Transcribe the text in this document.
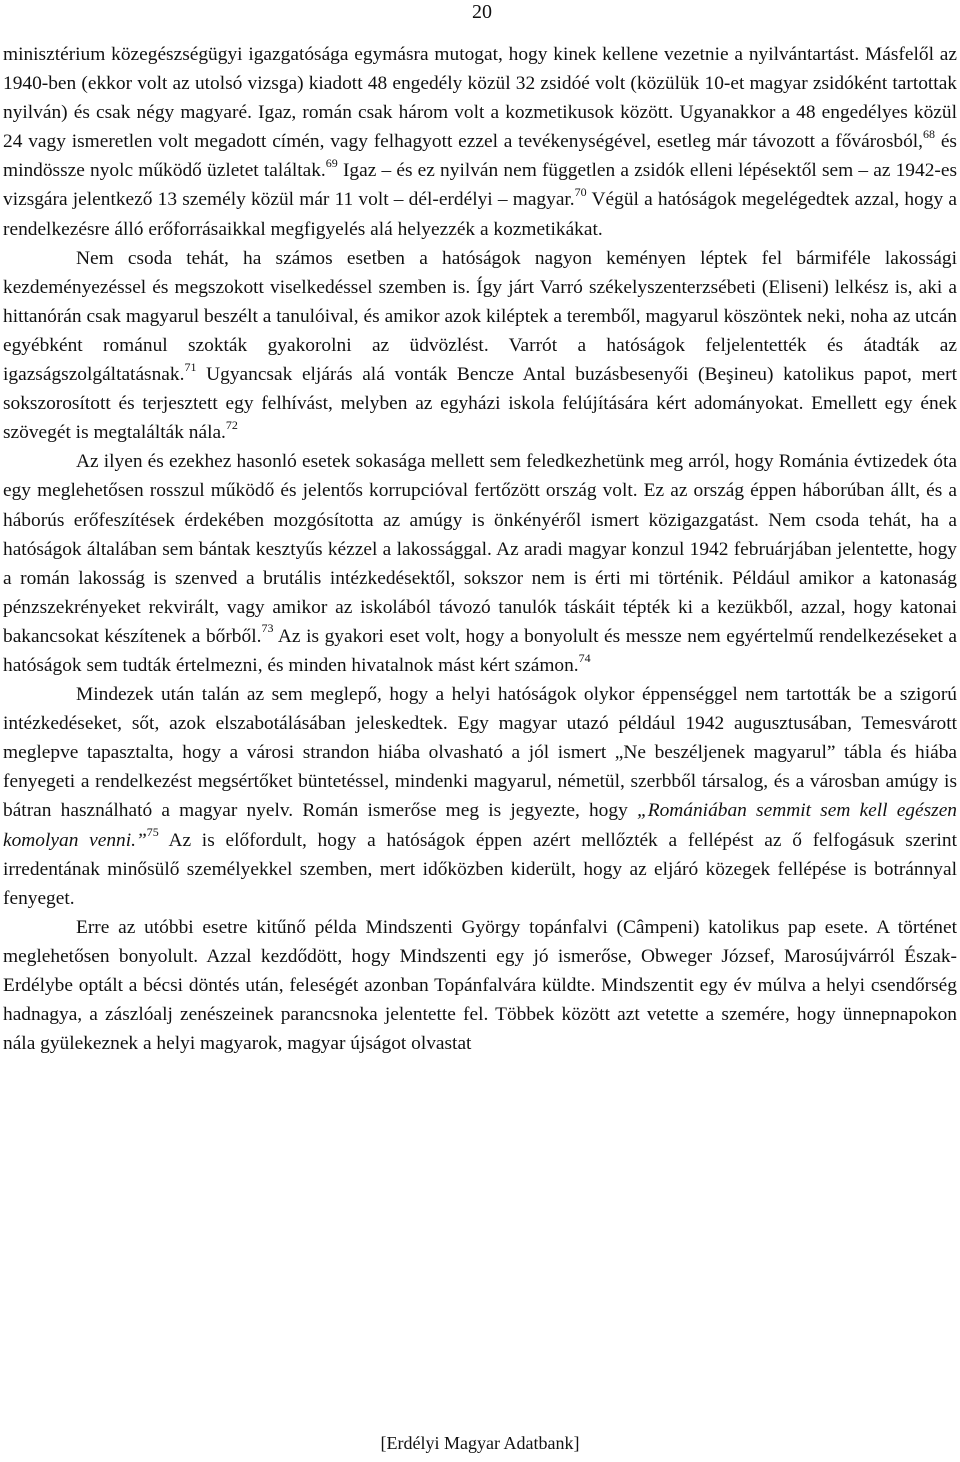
20

minisztérium közegészségügyi igazgatósága egymásra mutogat, hogy kinek kellene vezetnie a nyilvántartást. Másfelől az 1940-ben (ekkor volt az utolsó vizsga) kiadott 48 engedély közül 32 zsidóé volt (közülük 10-et magyar zsidóként tartottak nyilván) és csak négy magyaré. Igaz, román csak három volt a kozmetikusok között. Ugyanakkor a 48 engedélyes közül 24 vagy ismeretlen volt megadott címén, vagy felhagyott ezzel a tevékenységével, esetleg már távozott a fővárosból,$^{68}$ és mindössze nyolc működő üzletet találtak.$^{69}$ Igaz – és ez nyilván nem független a zsidók elleni lépésektől sem – az 1942-es vizsgára jelentkező 13 személy közül már 11 volt – dél-erdélyi – magyar.$^{70}$ Végül a hatóságok megelégedtek azzal, hogy a rendelkezésre álló erőforrásaikkal megfigyelés alá helyezzék a kozmetikákat.

Nem csoda tehát, ha számos esetben a hatóságok nagyon keményen léptek fel bármiféle lakossági kezdeményezéssel és megszokott viselkedéssel szemben is. Így járt Varró székelyszenterzsébeti (Eliseni) lelkész is, aki a hittanórán csak magyarul beszélt a tanulóival, és amikor azok kiléptek a teremből, magyarul köszöntek neki, noha az utcán egyébként románul szokták gyakorolni az üdvözlést. Varrót a hatóságok feljelentették és átadták az igazságszolgáltatásnak.$^{71}$ Ugyancsak eljárás alá vonták Bencze Antal buzásbesenyői (Beşineu) katolikus papot, mert sokszorosított és terjesztett egy felhívást, melyben az egyházi iskola felújítására kért adományokat. Emellett egy ének szövegét is megtalálták nála.$^{72}$

Az ilyen és ezekhez hasonló esetek sokasága mellett sem feledkezhetünk meg arról, hogy Románia évtizedek óta egy meglehetősen rosszul működő és jelentős korrupcióval fertőzött ország volt. Ez az ország éppen háborúban állt, és a háborús erőfeszítések érdekében mozgósította az amúgy is önkényéről ismert közigazgatást. Nem csoda tehát, ha a hatóságok általában sem bántak kesztyűs kézzel a lakossággal. Az aradi magyar konzul 1942 februárjában jelentette, hogy a román lakosság is szenved a brutális intézkedésektől, sokszor nem is érti mi történik. Például amikor a katonaság pénzszekrényeket rekvirált, vagy amikor az iskolából távozó tanulók táskáit tépték ki a kezükből, azzal, hogy katonai bakancsokat készítenek a bőrből.$^{73}$ Az is gyakori eset volt, hogy a bonyolult és messze nem egyértelmű rendelkezéseket a hatóságok sem tudták értelmezni, és minden hivatalnok mást kért számon.$^{74}$

Mindezek után talán az sem meglepő, hogy a helyi hatóságok olykor éppenséggel nem tartották be a szigorú intézkedéseket, sőt, azok elszabotálásában jeleskedtek. Egy magyar utazó például 1942 augusztusában, Temesvárott meglepve tapasztalta, hogy a városi strandon hiába olvasható a jól ismert „Ne beszéljenek magyarul” tábla és hiába fenyegeti a rendelkezést megsértőket büntetéssel, mindenki magyarul, németül, szerbből társalog, és a városban amúgy is bátran használható a magyar nyelv. Román ismerőse meg is jegyezte, hogy „Romániában semmit sem kell egészen komolyan venni.”$^{75}$ Az is előfordult, hogy a hatóságok éppen azért mellőzték a fellépést az ő felfogásuk szerint irredentának minősülő személyekkel szemben, mert időközben kiderült, hogy az eljáró közegek fellépése is botránnyal fenyeget.

Erre az utóbbi esetre kitűnő példa Mindszenti György topánfalvi (Câmpeni) katolikus pap esete. A történet meglehetősen bonyolult. Azzal kezdődött, hogy Mindszenti egy jó ismerőse, Obweger József, Marosújvárról Észak-Erdélybe optált a bécsi döntés után, feleségét azonban Topánfalvára küldte. Mindszentit egy év múlva a helyi csendőrség hadnagya, a zászlóalj zenészeinek parancsnoka jelentette fel. Többek között azt vetette a szemére, hogy ünnepnapokon nála gyülekeznek a helyi magyarok, magyar újságot olvastat

[Erdélyi Magyar Adatbank]
